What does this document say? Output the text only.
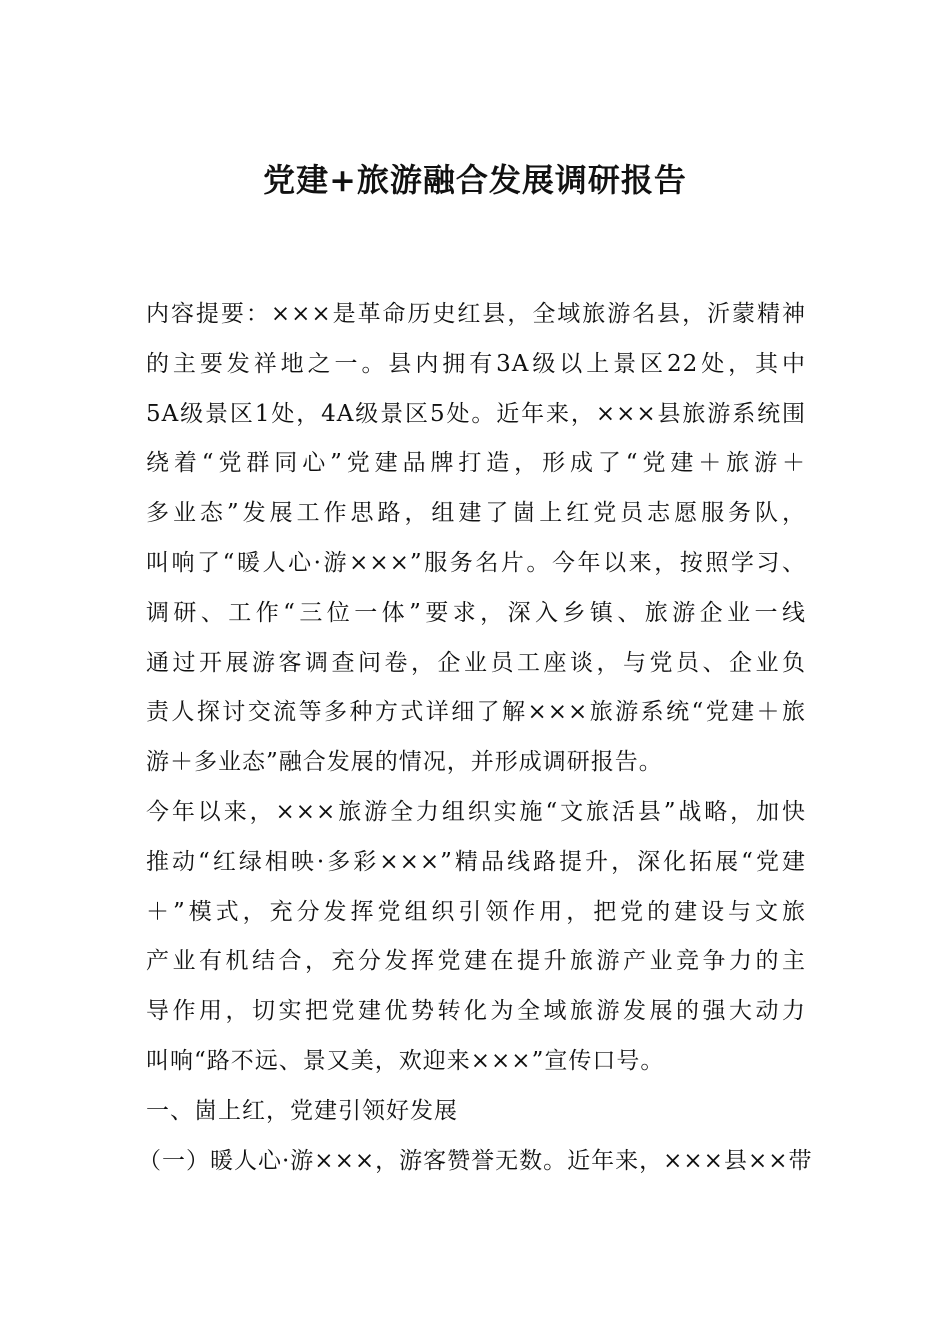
党建+旅游融合发展调研报告

内容提要：×××是革命历史红县，全域旅游名县，沂蒙精神
的主要发祥地之一。县内拥有3A级以上景区22处，其中
5A级景区1处，4A级景区5处。近年来，×××县旅游系统围
绕着“党群同心”党建品牌打造，形成了“党建＋旅游＋
多业态”发展工作思路，组建了崮上红党员志愿服务队，
叫响了“暖人心·游×××”服务名片。今年以来，按照学习、
调研、工作“三位一体”要求，深入乡镇、旅游企业一线
通过开展游客调查问卷，企业员工座谈，与党员、企业负
责人探讨交流等多种方式详细了解×××旅游系统“党建＋旅
游＋多业态”融合发展的情况，并形成调研报告。

今年以来，×××旅游全力组织实施“文旅活县”战略，加快
推动“红绿相映·多彩×××”精品线路提升，深化拓展“党建
＋”模式，充分发挥党组织引领作用，把党的建设与文旅
产业有机结合，充分发挥党建在提升旅游产业竞争力的主
导作用，切实把党建优势转化为全域旅游发展的强大动力
叫响“路不远、景又美，欢迎来×××”宣传口号。

一、崮上红，党建引领好发展

（一）暖人心·游×××，游客赞誉无数。近年来，×××县××带
